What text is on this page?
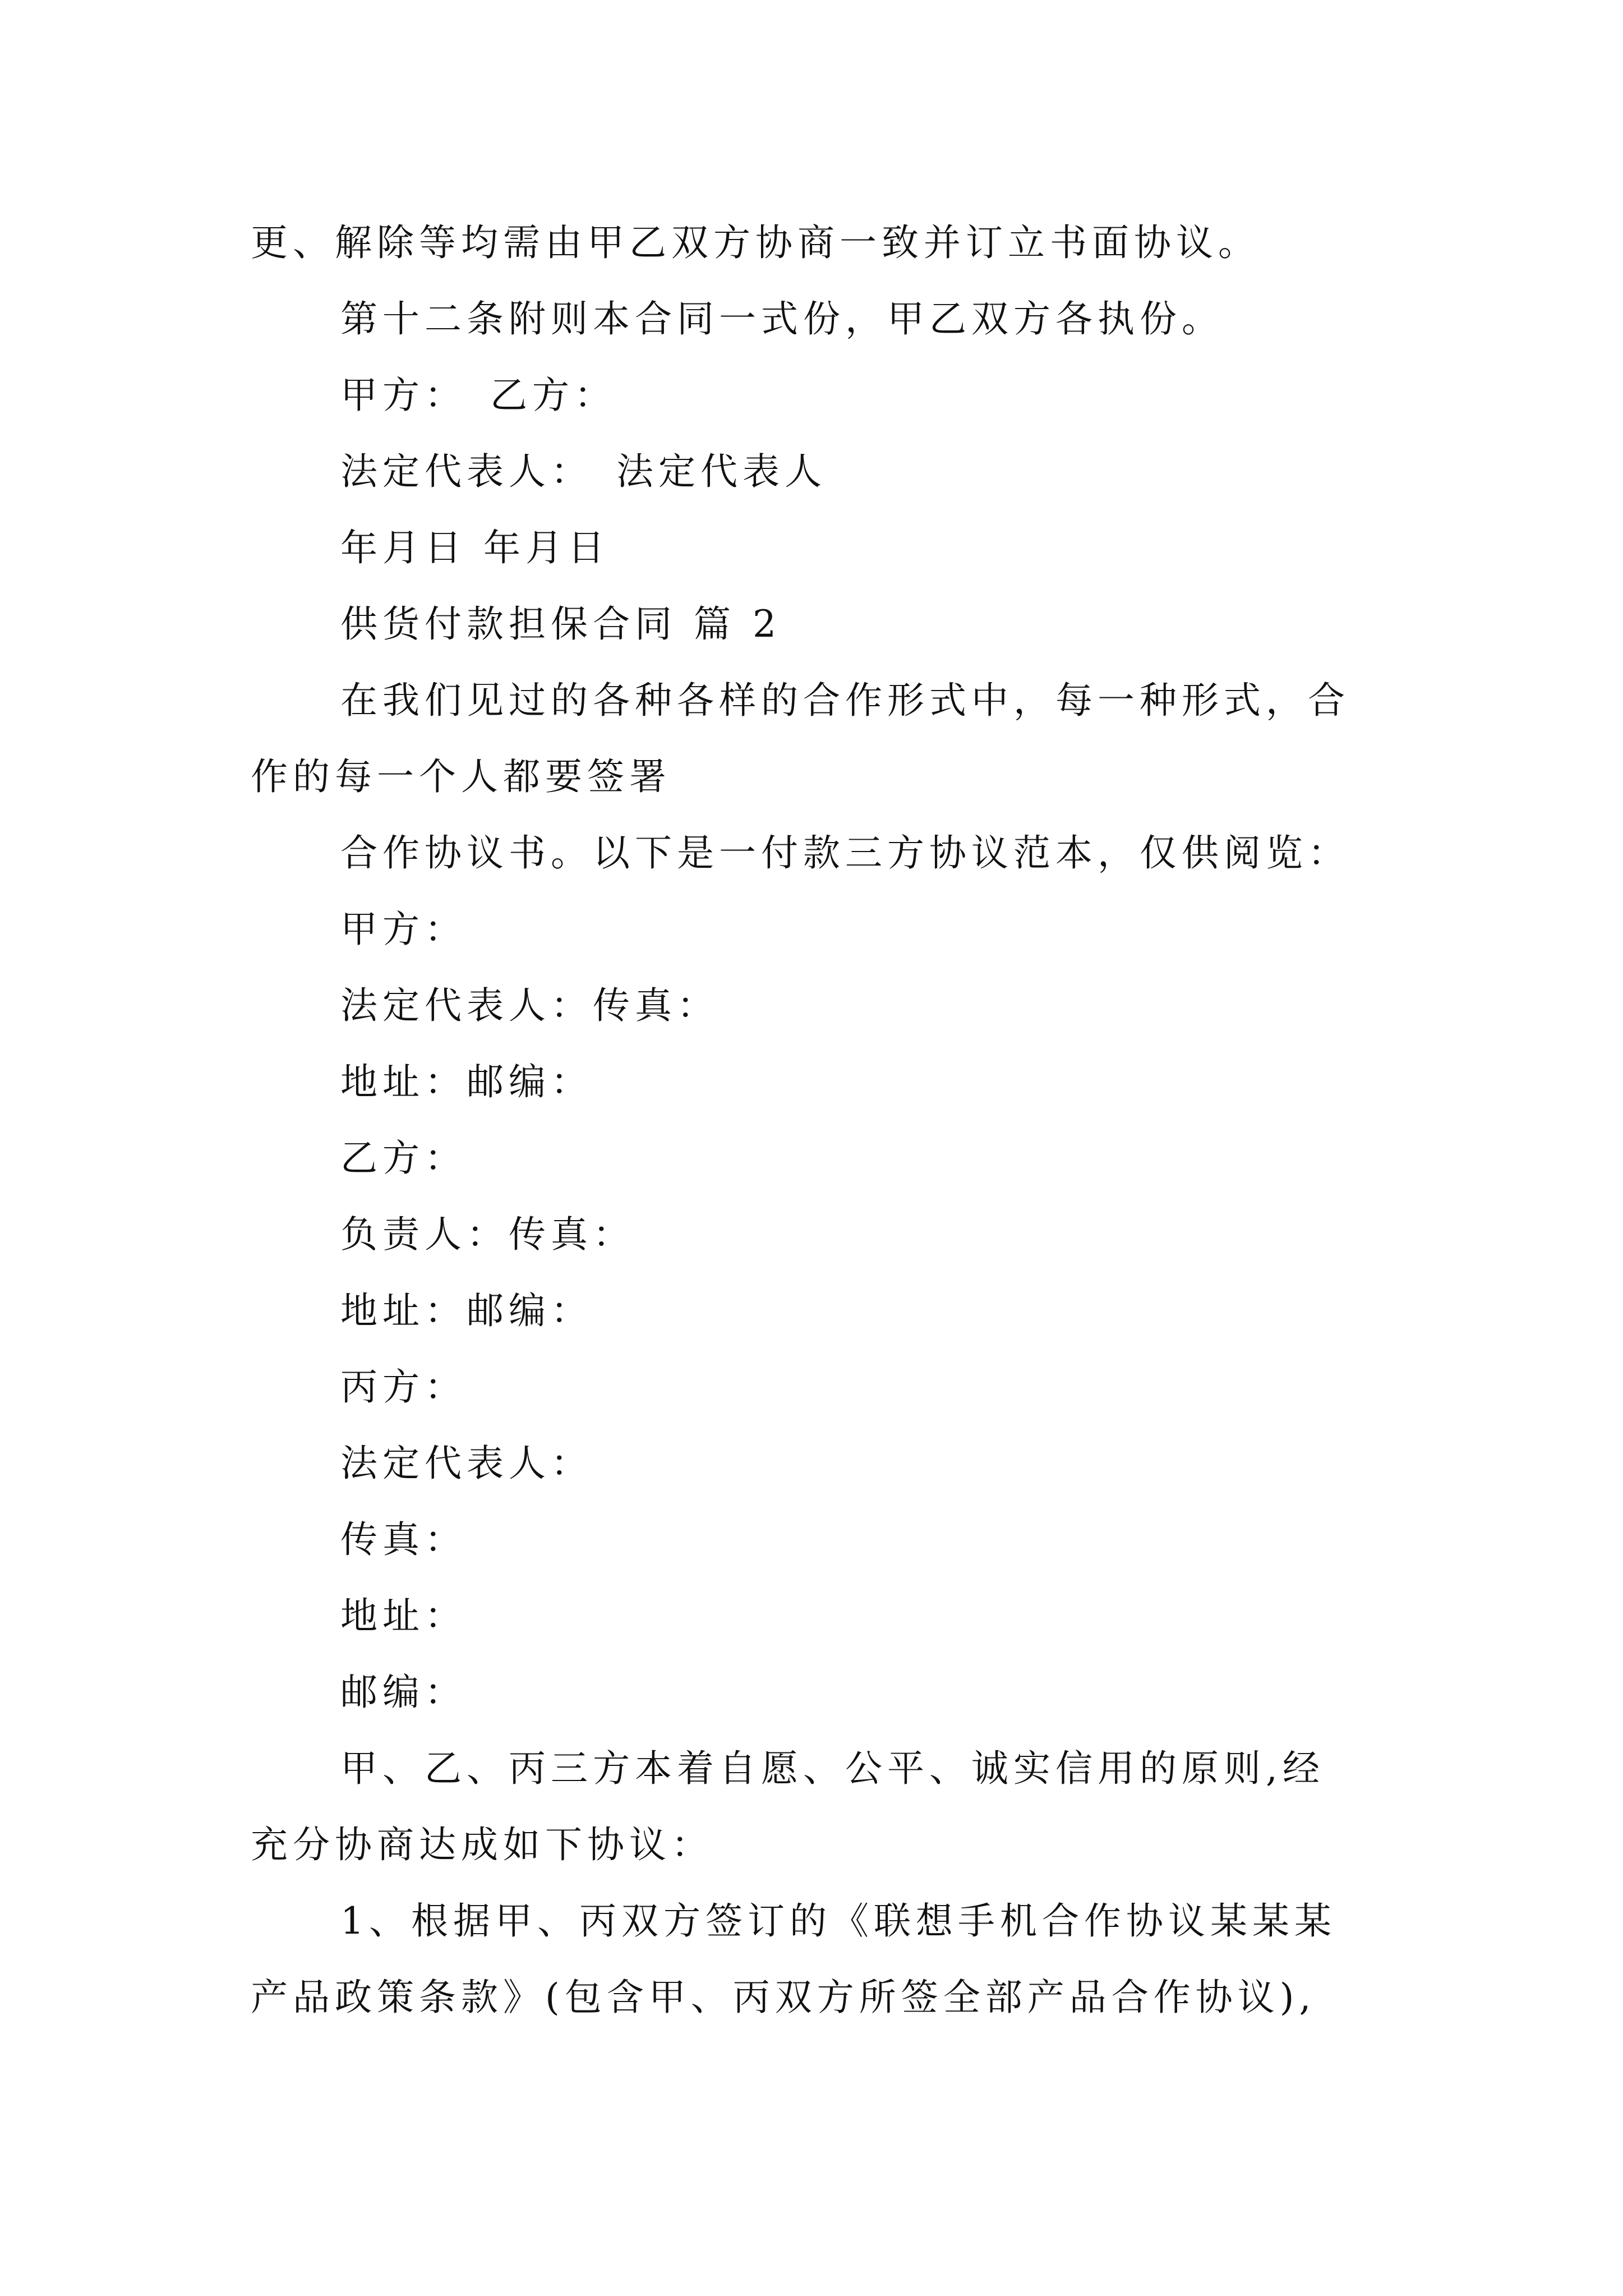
更、解除等均需由甲乙双方协商一致并订立书面协议。
第十二条附则本合同一式份，甲乙双方各执份。
甲方：　乙方：
法定代表人：　法定代表人
年月日 年月日
供货付款担保合同 篇 2
在我们见过的各种各样的合作形式中，每一种形式，合
作的每一个人都要签署
合作协议书。以下是一付款三方协议范本，仅供阅览：
甲方：
法定代表人：传真：
地址：邮编：
乙方：
负责人：传真：
地址：邮编：
丙方：
法定代表人：
传真：
地址：
邮编：
甲、乙、丙三方本着自愿、公平、诚实信用的原则,经
充分协商达成如下协议：
1、根据甲、丙双方签订的《联想手机合作协议某某某
产品政策条款》(包含甲、丙双方所签全部产品合作协议),
